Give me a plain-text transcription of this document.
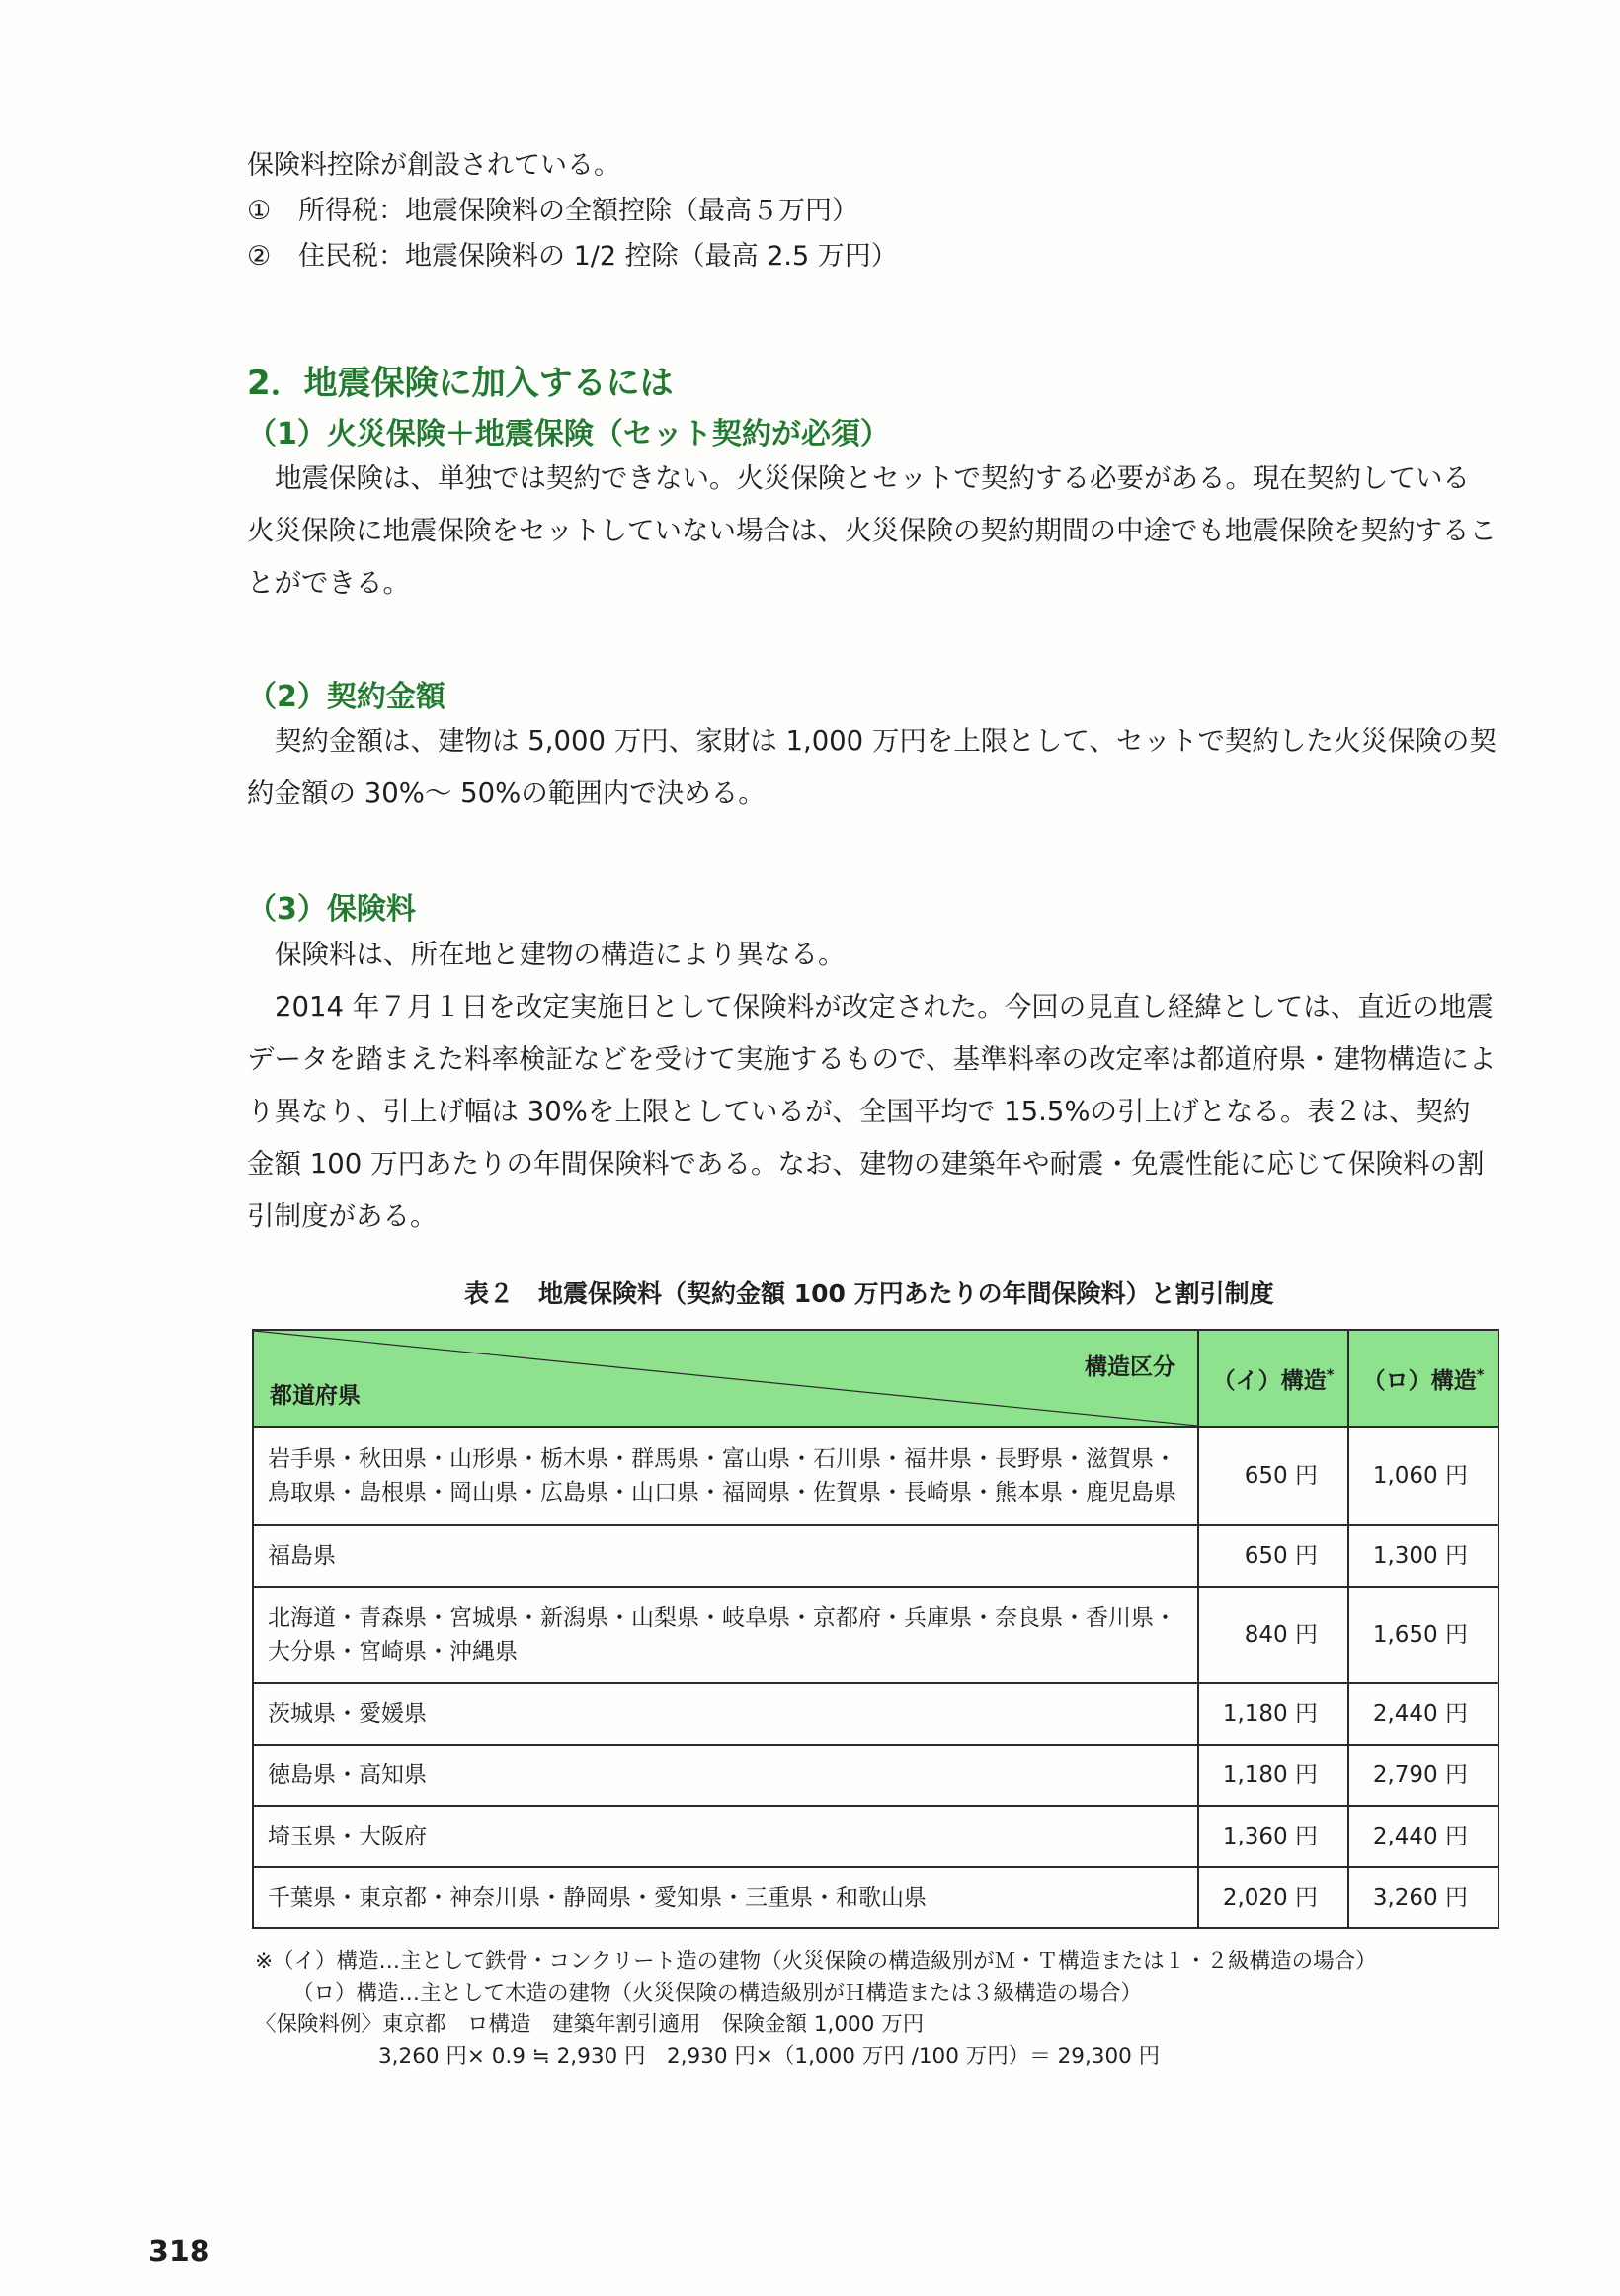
保険料控除が創設されている。

①	所得税：地震保険料の全額控除（最高５万円）
②	住民税：地震保険料の 1/2 控除（最高 2.5 万円）
2．地震保険に加入するには
（1）火災保険＋地震保険（セット契約が必須）

地震保険は、単独では契約できない。火災保険とセットで契約する必要がある。現在契約している火災保険に地震保険をセットしていない場合は、火災保険の契約期間の中途でも地震保険を契約することができる。

（2）契約金額

契約金額は、建物は 5,000 万円、家財は 1,000 万円を上限として、セットで契約した火災保険の契約金額の 30%～ 50%の範囲内で決める。

（3）保険料

保険料は、所在地と建物の構造により異なる。

2014 年７月１日を改定実施日として保険料が改定された。今回の見直し経緯としては、直近の地震データを踏まえた料率検証などを受けて実施するもので、基準料率の改定率は都道府県・建物構造により異なり、引上げ幅は 30%を上限としているが、全国平均で 15.5%の引上げとなる。表２は、契約金額 100 万円あたりの年間保険料である。なお、建物の建築年や耐震・免震性能に応じて保険料の割引制度がある。

表２　地震保険料（契約金額 100 万円あたりの年間保険料）と割引制度
構造区分
都道府県	（イ）構造*	（ロ）構造*
岩手県・秋田県・山形県・栃木県・群馬県・富山県・石川県・福井県・長野県・滋賀県・鳥取県・島根県・岡山県・広島県・山口県・福岡県・佐賀県・長崎県・熊本県・鹿児島県	650 円	1,060 円
福島県	650 円	1,300 円
北海道・青森県・宮城県・新潟県・山梨県・岐阜県・京都府・兵庫県・奈良県・香川県・大分県・宮崎県・沖縄県	840 円	1,650 円
茨城県・愛媛県	1,180 円	2,440 円
徳島県・高知県	1,180 円	2,790 円
埼玉県・大阪府	1,360 円	2,440 円
千葉県・東京都・神奈川県・静岡県・愛知県・三重県・和歌山県	2,020 円	3,260 円

※（イ）構造…主として鉄骨・コンクリート造の建物（火災保険の構造級別がＭ・Ｔ構造または１・２級構造の場合）

（ロ）構造…主として木造の建物（火災保険の構造級別がＨ構造または３級構造の場合）

〈保険料例〉東京都　ロ構造　建築年割引適用　保険金額 1,000 万円

3,260 円× 0.9 ≒ 2,930 円　2,930 円×（1,000 万円 /100 万円）＝ 29,300 円

318
